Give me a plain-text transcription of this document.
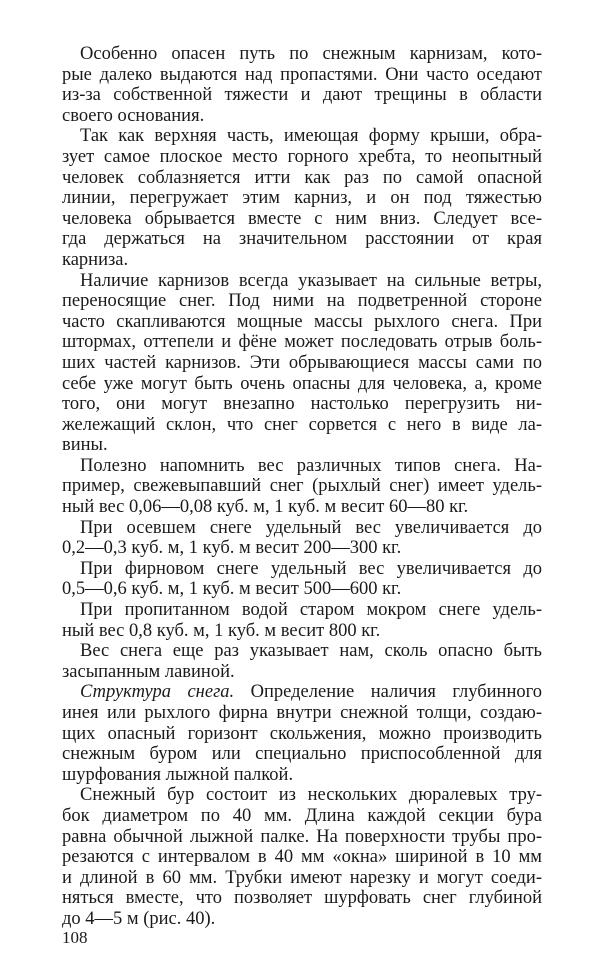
Особенно опасен путь по снежным карнизам, кото-
рые далеко выдаются над пропастями. Они часто оседают
из-за собственной тяжести и дают трещины в области
своего основания.
Так как верхняя часть, имеющая форму крыши, обра-
зует самое плоское место горного хребта, то неопытный
человек соблазняется итти как раз по самой опасной
линии, перегружает этим карниз, и он под тяжестью
человека обрывается вместе с ним вниз. Следует все-
гда держаться на значительном расстоянии от края
карниза.
Наличие карнизов всегда указывает на сильные ветры,
переносящие снег. Под ними на подветренной стороне
часто скапливаются мощные массы рыхлого снега. При
штормах, оттепели и фёне может последовать отрыв боль-
ших частей карнизов. Эти обрывающиеся массы сами по
себе уже могут быть очень опасны для человека, а, кроме
того, они могут внезапно настолько перегрузить ни-
жележащий склон, что снег сорвется с него в виде ла-
вины.
Полезно напомнить вес различных типов снега. На-
пример, свежевыпавший снег (рыхлый снег) имеет удель-
ный вес 0,06—0,08 куб. м, 1 куб. м весит 60—80 кг.
При осевшем снеге удельный вес увеличивается до
0,2—0,3 куб. м, 1 куб. м весит 200—300 кг.
При фирновом снеге удельный вес увеличивается до
0,5—0,6 куб. м, 1 куб. м весит 500—600 кг.
При пропитанном водой старом мокром снеге удель-
ный вес 0,8 куб. м, 1 куб. м весит 800 кг.
Вес снега еще раз указывает нам, сколь опасно быть
засыпанным лавиной.
Структура снега. Определение наличия глубинного
инея или рыхлого фирна внутри снежной толщи, создаю-
щих опасный горизонт скольжения, можно производить
снежным буром или специально приспособленной для
шурфования лыжной палкой.
Снежный бур состоит из нескольких дюралевых тру-
бок диаметром по 40 мм. Длина каждой секции бура
равна обычной лыжной палке. На поверхности трубы про-
резаются с интервалом в 40 мм «окна» шириной в 10 мм
и длиной в 60 мм. Трубки имеют нарезку и могут соеди-
няться вместе, что позволяет шурфовать снег глубиной
до 4—5 м (рис. 40).
108
